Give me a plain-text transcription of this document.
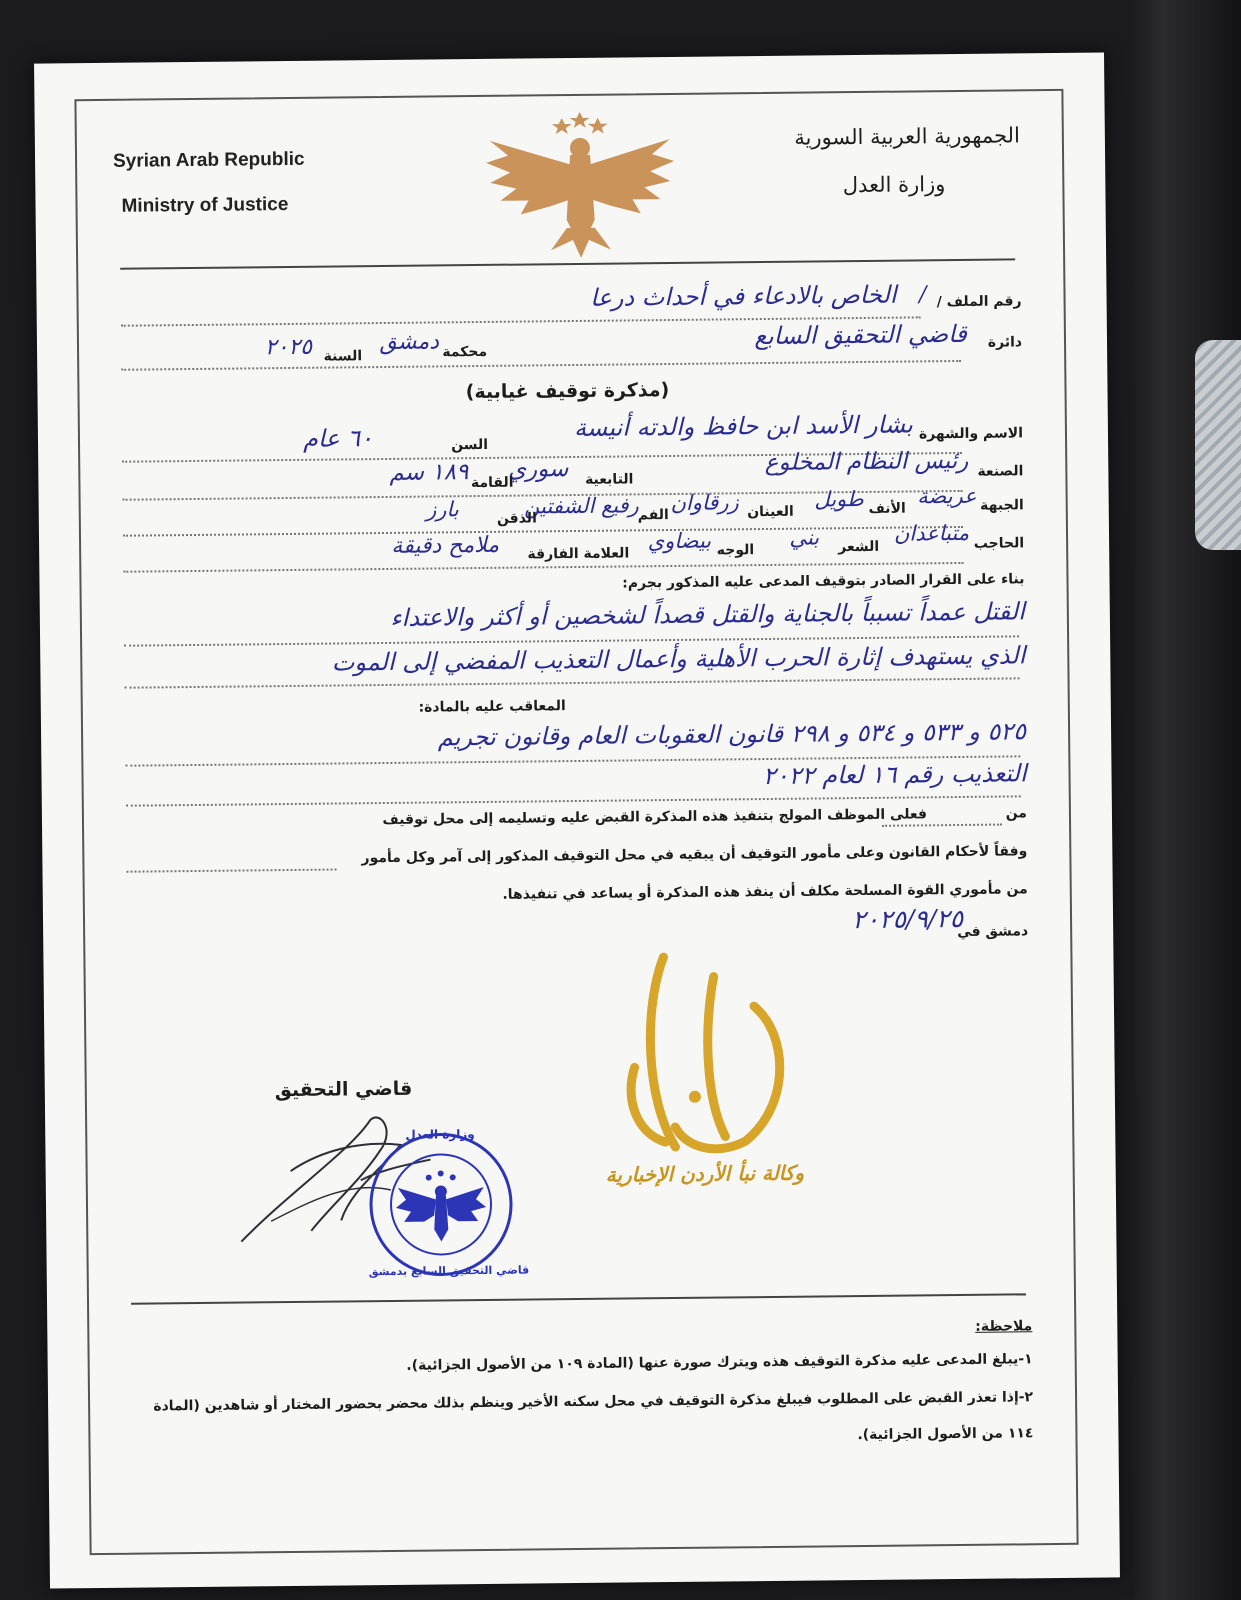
Syrian Arab Republic
Ministry of Justice
الجمهورية العربية السورية
وزارة العدل
رقم الملف /
/
الخاص بالادعاء في أحداث درعا
دائرة
قاضي التحقيق السابع
محكمة
دمشق
السنة
٢٠٢٥
(مذكرة توقيف غيابية)
الاسم والشهرة
بشار الأسد ابن حافظ والدته أنيسة
السن
٦٠ عام
الصنعة
رئيس النظام المخلوع
التابعية
سوري
القامة
١٨٩ سم
الجبهة
عريضة
الأنف
طويل
العينان
زرقاوان
الفم
رفيع الشفتين
الذقن
بارز
الحاجب
متباعدان
الشعر
بني
الوجه
بيضاوي
العلامة الفارقة
ملامح دقيقة
بناء على القرار الصادر بتوقيف المدعى عليه المذكور بجرم:
القتل عمداً تسبباً بالجناية والقتل قصداً لشخصين أو أكثر والاعتداء
الذي يستهدف إثارة الحرب الأهلية وأعمال التعذيب المفضي إلى الموت
المعاقب عليه بالمادة:
٥٢٥ و ٥٣٣ و ٥٣٤ و ٢٩٨ قانون العقوبات العام وقانون تجريم
التعذيب رقم ١٦ لعام ٢٠٢٢
من
فعلى الموظف المولج بتنفيذ هذه المذكرة القبض عليه وتسليمه إلى محل توقيف
وفقاً لأحكام القانون وعلى مأمور التوقيف أن يبقيه في محل التوقيف المذكور إلى آمر وكل مأمور
من مأموري القوة المسلحة مكلف أن ينفذ هذه المذكرة أو يساعد في تنفيذها.
دمشق في
٢٠٢٥/٩/٢٥
قاضي التحقيق
وزارة العدل
قاضي التحقيق السابع بدمشق
وكالة نبأ الأردن الإخبارية
ملاحظة:
١-يبلغ المدعى عليه مذكرة التوقيف هذه ويترك صورة عنها (المادة ١٠٩ من الأصول الجزائية).
٢-إذا تعذر القبض على المطلوب فيبلغ مذكرة التوقيف في محل سكنه الأخير وينظم بذلك محضر بحضور المختار أو شاهدين (المادة
١١٤ من الأصول الجزائية).
